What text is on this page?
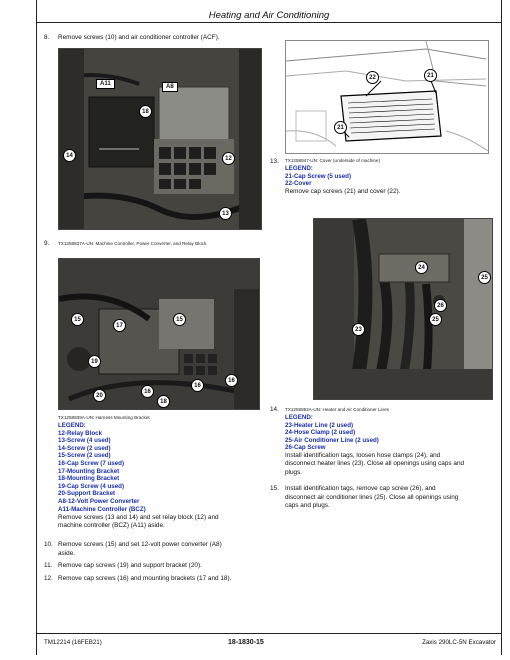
Heating and Air Conditioning
8. Remove screws (10) and air conditioner controller (ACF).
A11	A8
18
14	12
13
9. TX1258837A-UN: Machine Controller, Power Converter, and Relay Block.
15
17
15
19
20
16
18
16
16
TX1258839A-UN: Harness Mounting Bracket
LEGEND:
12-Relay Block
13-Screw (4 used)
14-Screw (2 used)
15-Screw (2 used)
16-Cap Screw (7 used)
17-Mounting Bracket
18-Mounting Bracket
19-Cap Screw (4 used)
20-Support Bracket
A8-12-Volt Power Converter
A11-Machine Controller (BCZ)
Remove screws (13 and 14) and set relay block (12) and
machine controller (BCZ) (A11) aside.
10. Remove screws (15) and set 12-volt power converter (A8)
aside.
11. Remove cap screws (19) and support bracket (20).
12. Remove cap screws (16) and mounting brackets (17 and 18).
22	21
21
13. TX1258847-UN: Cover (underside of machine)
LEGEND:
21-Cap Screw (5 used)
22-Cover
Remove cap screws (21) and cover (22).
24
25
26
25
23
14. TX1258852A-UN: Heater and Air Conditioner Lines
LEGEND:
23-Heater Line (2 used)
24-Hose Clamp (2 used)
25-Air Conditioner Line (2 used)
26-Cap Screw
Install identification tags, loosen hose clamps (24), and
disconnect heater lines (23). Close all openings using caps and
plugs.
15. Install identification tags, remove cap screw (26), and
disconnect air conditioner lines (25). Close all openings using
caps and plugs.
TM12214 (16FEB21)	18-1830-15	Zaxis 290LC-5N Excavator
